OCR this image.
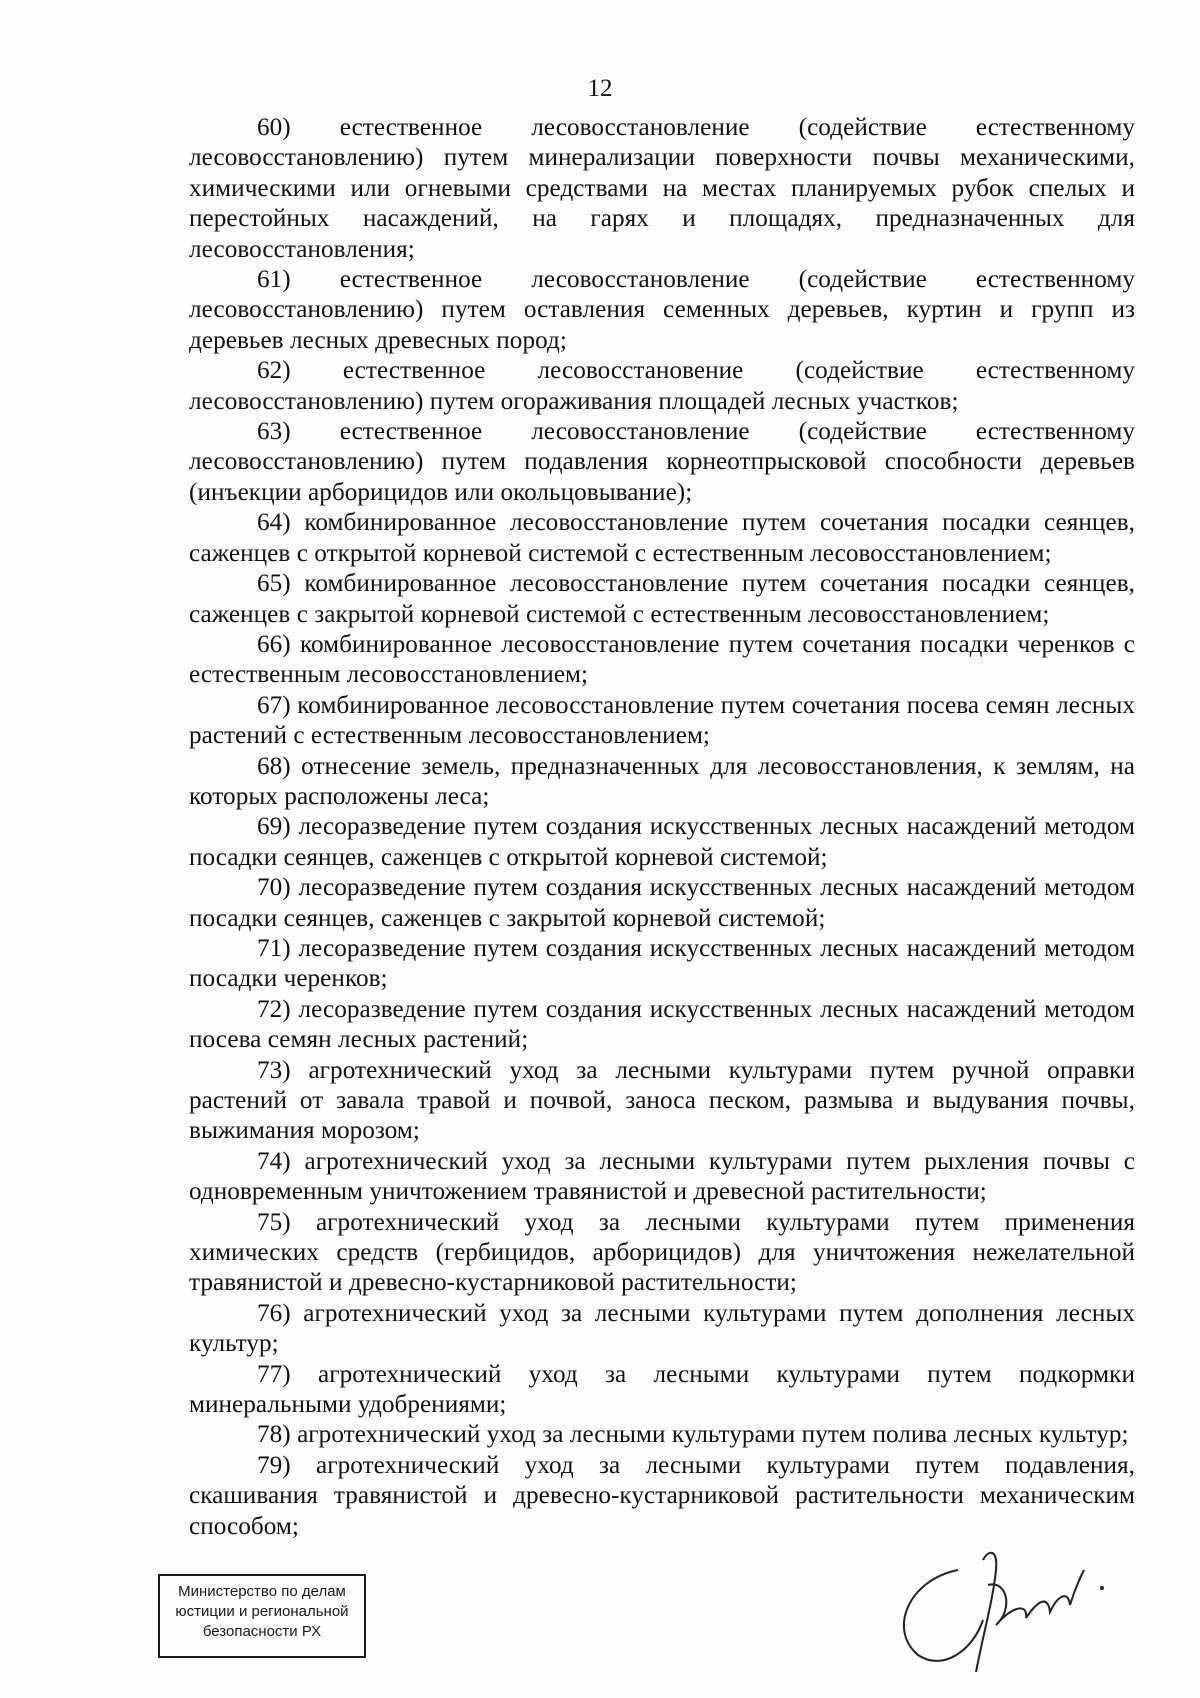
12

60) естественное лесовосстановление (содействие естественному лесовосстановлению) путем минерализации поверхности почвы механическими, химическими или огневыми средствами на местах планируемых рубок спелых и перестойных насаждений, на гарях и площадях, предназначенных для лесовосстановления;

61) естественное лесовосстановление (содействие естественному лесовосстановлению) путем оставления семенных деревьев, куртин и групп из деревьев лесных древесных пород;

62) естественное лесовосстановение (содействие естественному лесовосстановлению) путем огораживания площадей лесных участков;

63) естественное лесовосстановление (содействие естественному лесовосстановлению) путем подавления корнеотпрысковой способности деревьев (инъекции арборицидов или окольцовывание);

64) комбинированное лесовосстановление путем сочетания посадки сеянцев, саженцев с открытой корневой системой с естественным лесовосстановлением;

65) комбинированное лесовосстановление путем сочетания посадки сеянцев, саженцев с закрытой корневой системой с естественным лесовосстановлением;

66) комбинированное лесовосстановление путем сочетания посадки черенков с естественным лесовосстановлением;

67) комбинированное лесовосстановление путем сочетания посева семян лесных растений с естественным лесовосстановлением;

68) отнесение земель, предназначенных для лесовосстановления, к землям, на которых расположены леса;

69) лесоразведение путем создания искусственных лесных насаждений методом посадки сеянцев, саженцев с открытой корневой системой;

70) лесоразведение путем создания искусственных лесных насаждений методом посадки сеянцев, саженцев с закрытой корневой системой;

71) лесоразведение путем создания искусственных лесных насаждений методом посадки черенков;

72) лесоразведение путем создания искусственных лесных насаждений методом посева семян лесных растений;

73) агротехнический уход за лесными культурами путем ручной оправки растений от завала травой и почвой, заноса песком, размыва и выдувания почвы, выжимания морозом;

74) агротехнический уход за лесными культурами путем рыхления почвы с одновременным уничтожением травянистой и древесной растительности;

75) агротехнический уход за лесными культурами путем применения химических средств (гербицидов, арборицидов) для уничтожения нежелательной травянистой и древесно-кустарниковой растительности;

76) агротехнический уход за лесными культурами путем дополнения лесных культур;

77) агротехнический уход за лесными культурами путем подкормки минеральными удобрениями;

78) агротехнический уход за лесными культурами путем полива лесных культур;

79) агротехнический уход за лесными культурами путем подавления, скашивания травянистой и древесно-кустарниковой растительности механическим способом;

Министерство по делам
юстиции и региональной
безопасности РХ
